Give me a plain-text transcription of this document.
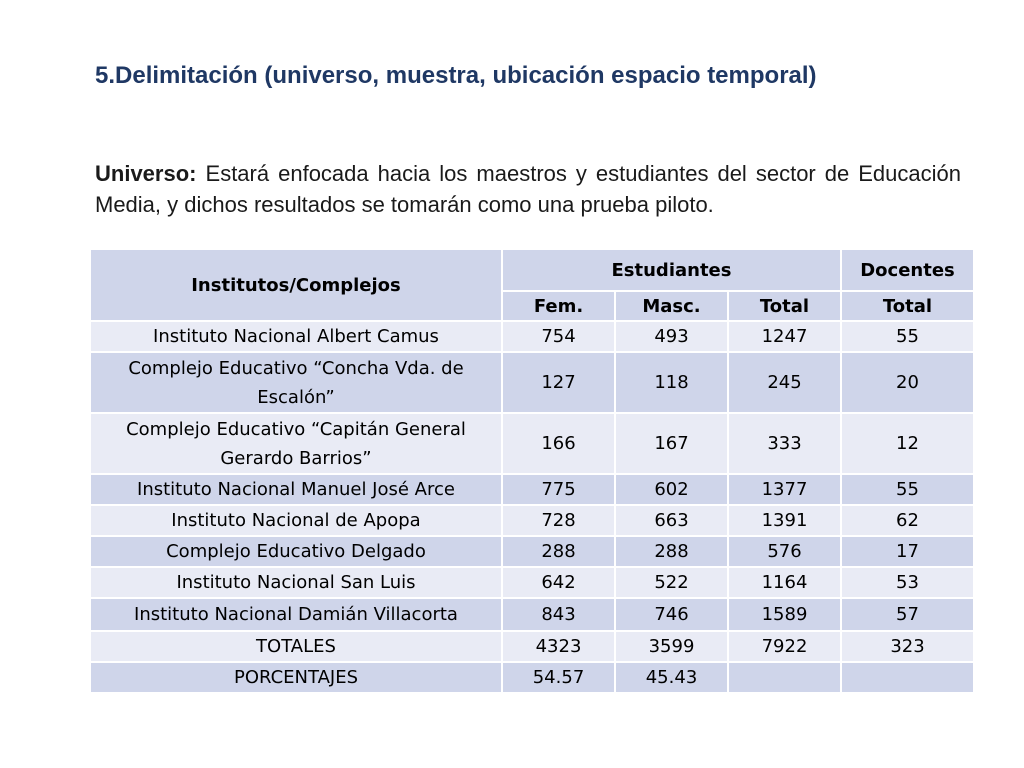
5.Delimitación (universo, muestra, ubicación espacio temporal)

Universo: Estará enfocada hacia los maestros y estudiantes del sector de Educación Media, y dichos resultados se tomarán como una prueba piloto.

Institutos/Complejos	Estudiantes			Docentes
	Fem.	Masc.	Total	Total
Instituto Nacional Albert Camus	754	493	1247	55
Complejo Educativo “Concha Vda. de Escalón”	127	118	245	20
Complejo Educativo “Capitán General Gerardo Barrios”	166	167	333	12
Instituto Nacional Manuel José Arce	775	602	1377	55
Instituto Nacional de Apopa	728	663	1391	62
Complejo Educativo Delgado	288	288	576	17
Instituto Nacional San Luis	642	522	1164	53
Instituto Nacional Damián Villacorta	843	746	1589	57
TOTALES	4323	3599	7922	323
PORCENTAJES	54.57	45.43		
